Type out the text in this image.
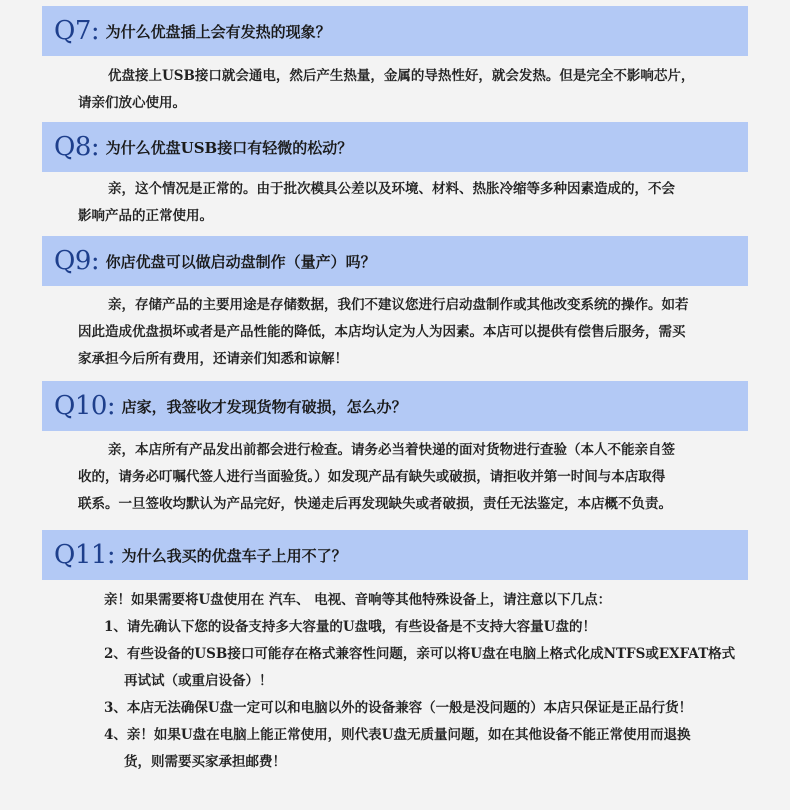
Q7 : 为什么优盘插上会有发热的现象？
优盘接上USB接口就会通电，然后产生热量，金属的导热性好，就会发热。但是完全不影响芯片，
请亲们放心使用。
Q8 : 为什么优盘USB接口有轻微的松动？
亲，这个情况是正常的。由于批次模具公差以及环境、材料、热胀冷缩等多种因素造成的，不会
影响产品的正常使用。
Q9 : 你店优盘可以做启动盘制作（量产）吗？
亲，存储产品的主要用途是存储数据，我们不建议您进行启动盘制作或其他改变系统的操作。如若
因此造成优盘损坏或者是产品性能的降低，本店均认定为人为因素。本店可以提供有偿售后服务，需买
家承担今后所有费用，还请亲们知悉和谅解！
Q10 : 店家，我签收才发现货物有破损，怎么办？
亲，本店所有产品发出前都会进行检查。请务必当着快递的面对货物进行查验（本人不能亲自签
收的，请务必叮嘱代签人进行当面验货。）如发现产品有缺失或破损，请拒收并第一时间与本店取得
联系。一旦签收均默认为产品完好，快递走后再发现缺失或者破损，责任无法鉴定，本店概不负责。
Q11 : 为什么我买的优盘车子上用不了？
亲！如果需要将U盘使用在 汽车、 电视、音响等其他特殊设备上，请注意以下几点：
1、请先确认下您的设备支持多大容量的U盘哦，有些设备是不支持大容量U盘的！
2、有些设备的USB接口可能存在格式兼容性问题，亲可以将U盘在电脑上格式化成NTFS或EXFAT格式
再试试（或重启设备）！
3、本店无法确保U盘一定可以和电脑以外的设备兼容（一般是没问题的）本店只保证是正品行货！
4、亲！如果U盘在电脑上能正常使用，则代表U盘无质量问题，如在其他设备不能正常使用而退换
货，则需要买家承担邮费！
